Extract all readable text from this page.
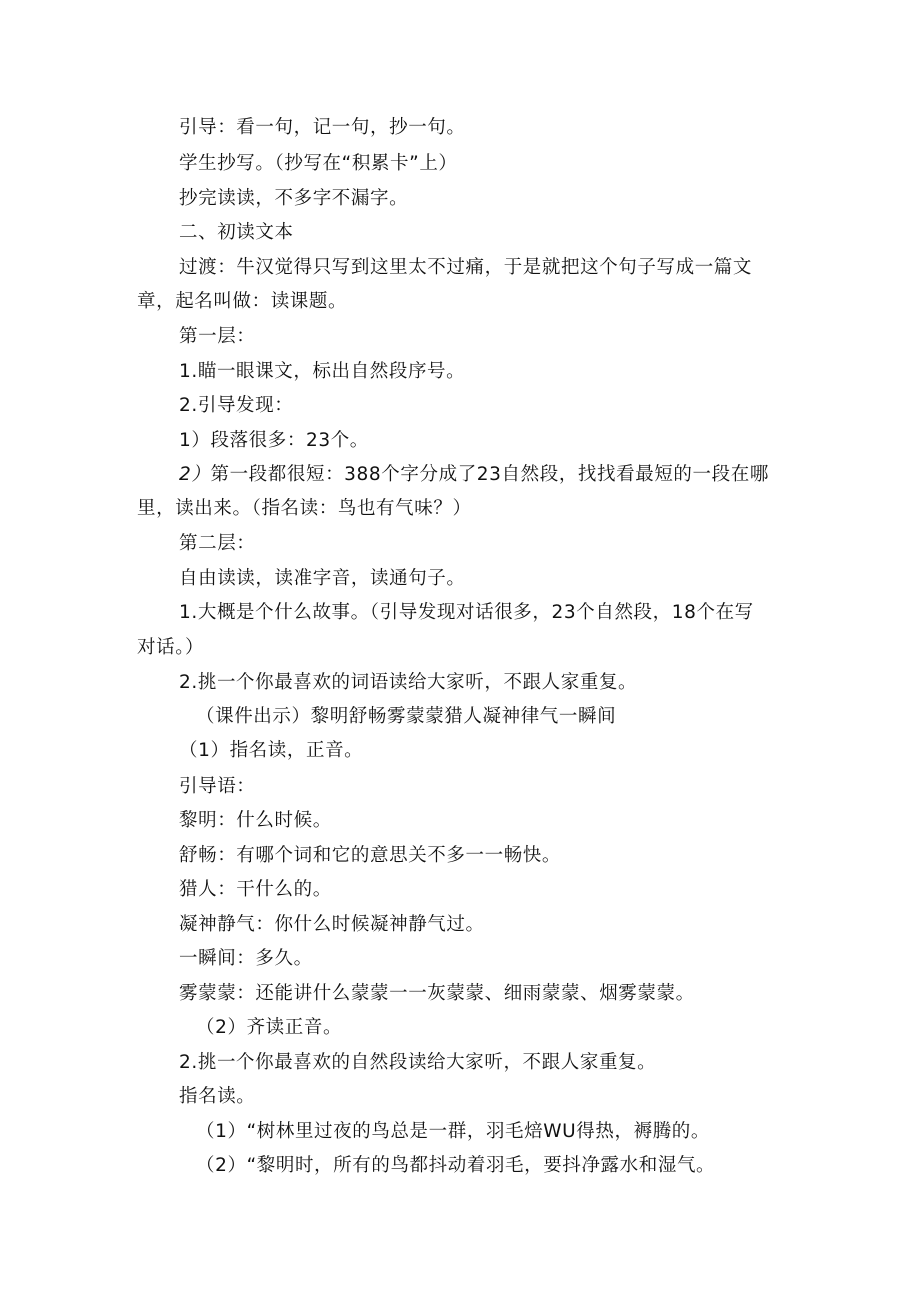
引导：看一句，记一句，抄一句。
学生抄写。（抄写在“积累卡”上）
抄完读读，不多字不漏字。
二、初读文本
过渡：牛汉觉得只写到这里太不过痛，于是就把这个句子写成一篇文
章，起名叫做：读课题。
第一层：
1.瞄一眼课文，标出自然段序号。
2.引导发现：
1）段落很多：23个。
2）第一段都很短：388个字分成了23自然段，找找看最短的一段在哪
里，读出来。（指名读：鸟也有气味？）
第二层：
自由读读，读准字音，读通句子。
1.大概是个什么故事。（引导发现对话很多，23个自然段，18个在写
对话。）
2.挑一个你最喜欢的词语读给大家听，不跟人家重复。
（课件出示）黎明舒畅雾蒙蒙猎人凝神律气一瞬间
（1）指名读，正音。
引导语：
黎明：什么时候。
舒畅：有哪个词和它的意思关不多一一畅快。
猎人：干什么的。
凝神静气：你什么时候凝神静气过。
一瞬间：多久。
雾蒙蒙：还能讲什么蒙蒙一一灰蒙蒙、细雨蒙蒙、烟雾蒙蒙。
（2）齐读正音。
2.挑一个你最喜欢的自然段读给大家听，不跟人家重复。
指名读。
（1）“树林里过夜的鸟总是一群，羽毛焙WU得热，褥腾的。
（2）“黎明时，所有的鸟都抖动着羽毛，要抖净露水和湿气。
